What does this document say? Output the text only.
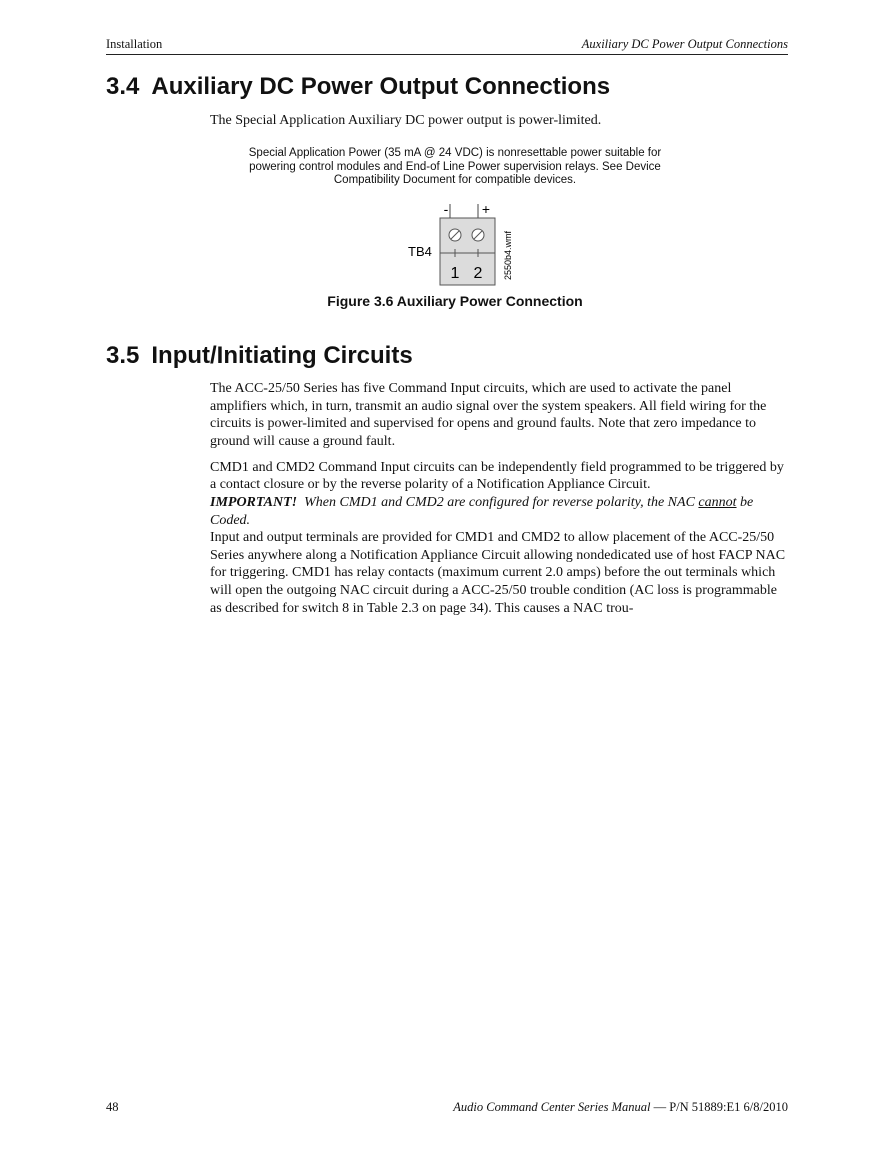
Installation	Auxiliary DC Power Output Connections
3.4 Auxiliary DC Power Output Connections

The Special Application Auxiliary DC power output is power-limited.

Special Application Power (35 mA @ 24 VDC) is nonresettable power suitable for
powering control modules and End-of Line Power supervision relays. See Device
Compatibility Document for compatible devices.
- +
1 2
TB4	2550b4.wmf
Figure 3.6 Auxiliary Power Connection
3.5 Input/Initiating Circuits

The ACC-25/50 Series has five Command Input circuits, which are used to activate the panel amplifiers which, in turn, transmit an audio signal over the system speakers. All field wiring for the circuits is power-limited and supervised for opens and ground faults. Note that zero impedance to ground will cause a ground fault.

CMD1 and CMD2 Command Input circuits can be independently field programmed to be triggered by a contact closure or by the reverse polarity of a Notification Appliance Circuit.

IMPORTANT!  When CMD1 and CMD2 are configured for reverse polarity, the NAC cannot be Coded.

Input and output terminals are provided for CMD1 and CMD2 to allow placement of the ACC-25/50 Series anywhere along a Notification Appliance Circuit allowing nondedicated use of host FACP NAC for triggering. CMD1 has relay contacts (maximum current 2.0 amps) before the out terminals which will open the outgoing NAC circuit during a ACC-25/50 trouble condition (AC loss is programmable as described for switch 8 in Table 2.3 on page 34). This causes a NAC trou-

48	Audio Command Center Series Manual — P/N 51889:E1 6/8/2010
